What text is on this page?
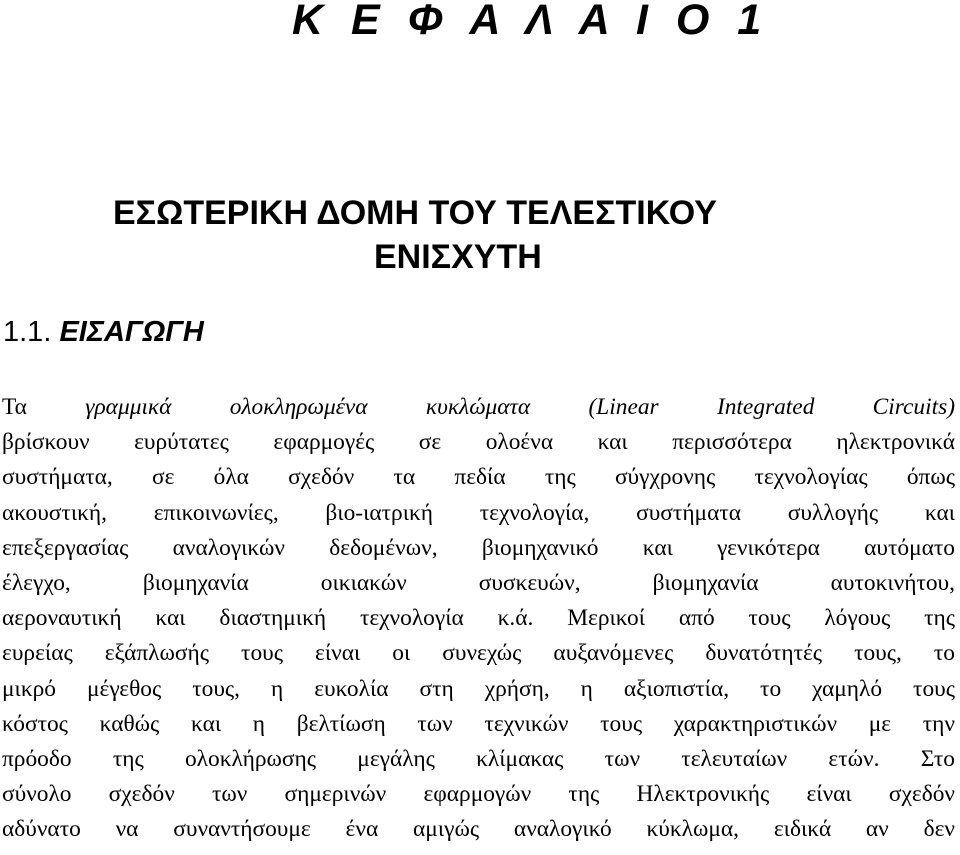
Κ Ε Φ Α Λ Α Ι Ο 1
ΕΣΩΤΕΡΙΚΗ ΔΟΜΗ ΤΟΥ ΤΕΛΕΣΤΙΚΟΥ
ΕΝΙΣΧΥΤΗ
1.1. ΕΙΣΑΓΩΓΗ
Τα γραμμικά ολοκληρωμένα κυκλώματα (Linear Integrated Circuits)
βρίσκουν ευρύτατες εφαρμογές σε ολοένα και περισσότερα ηλεκτρονικά
συστήματα, σε όλα σχεδόν τα πεδία της σύγχρονης τεχνολογίας όπως
ακουστική, επικοινωνίες, βιο-ιατρική τεχνολογία, συστήματα συλλογής και
επεξεργασίας αναλογικών δεδομένων, βιομηχανικό και γενικότερα αυτόματο
έλεγχο, βιομηχανία οικιακών συσκευών, βιομηχανία αυτοκινήτου,
αεροναυτική και διαστημική τεχνολογία κ.ά. Μερικοί από τους λόγους της
ευρείας εξάπλωσής τους είναι οι συνεχώς αυξανόμενες δυνατότητές τους, το
μικρό μέγεθος τους, η ευκολία στη χρήση, η αξιοπιστία, το χαμηλό τους
κόστος καθώς και η βελτίωση των τεχνικών τους χαρακτηριστικών με την
πρόοδο της ολοκλήρωσης μεγάλης κλίμακας των τελευταίων ετών. Στο
σύνολο σχεδόν των σημερινών εφαρμογών της Ηλεκτρονικής είναι σχεδόν
αδύνατο να συναντήσουμε ένα αμιγώς αναλογικό κύκλωμα, ειδικά αν δεν
